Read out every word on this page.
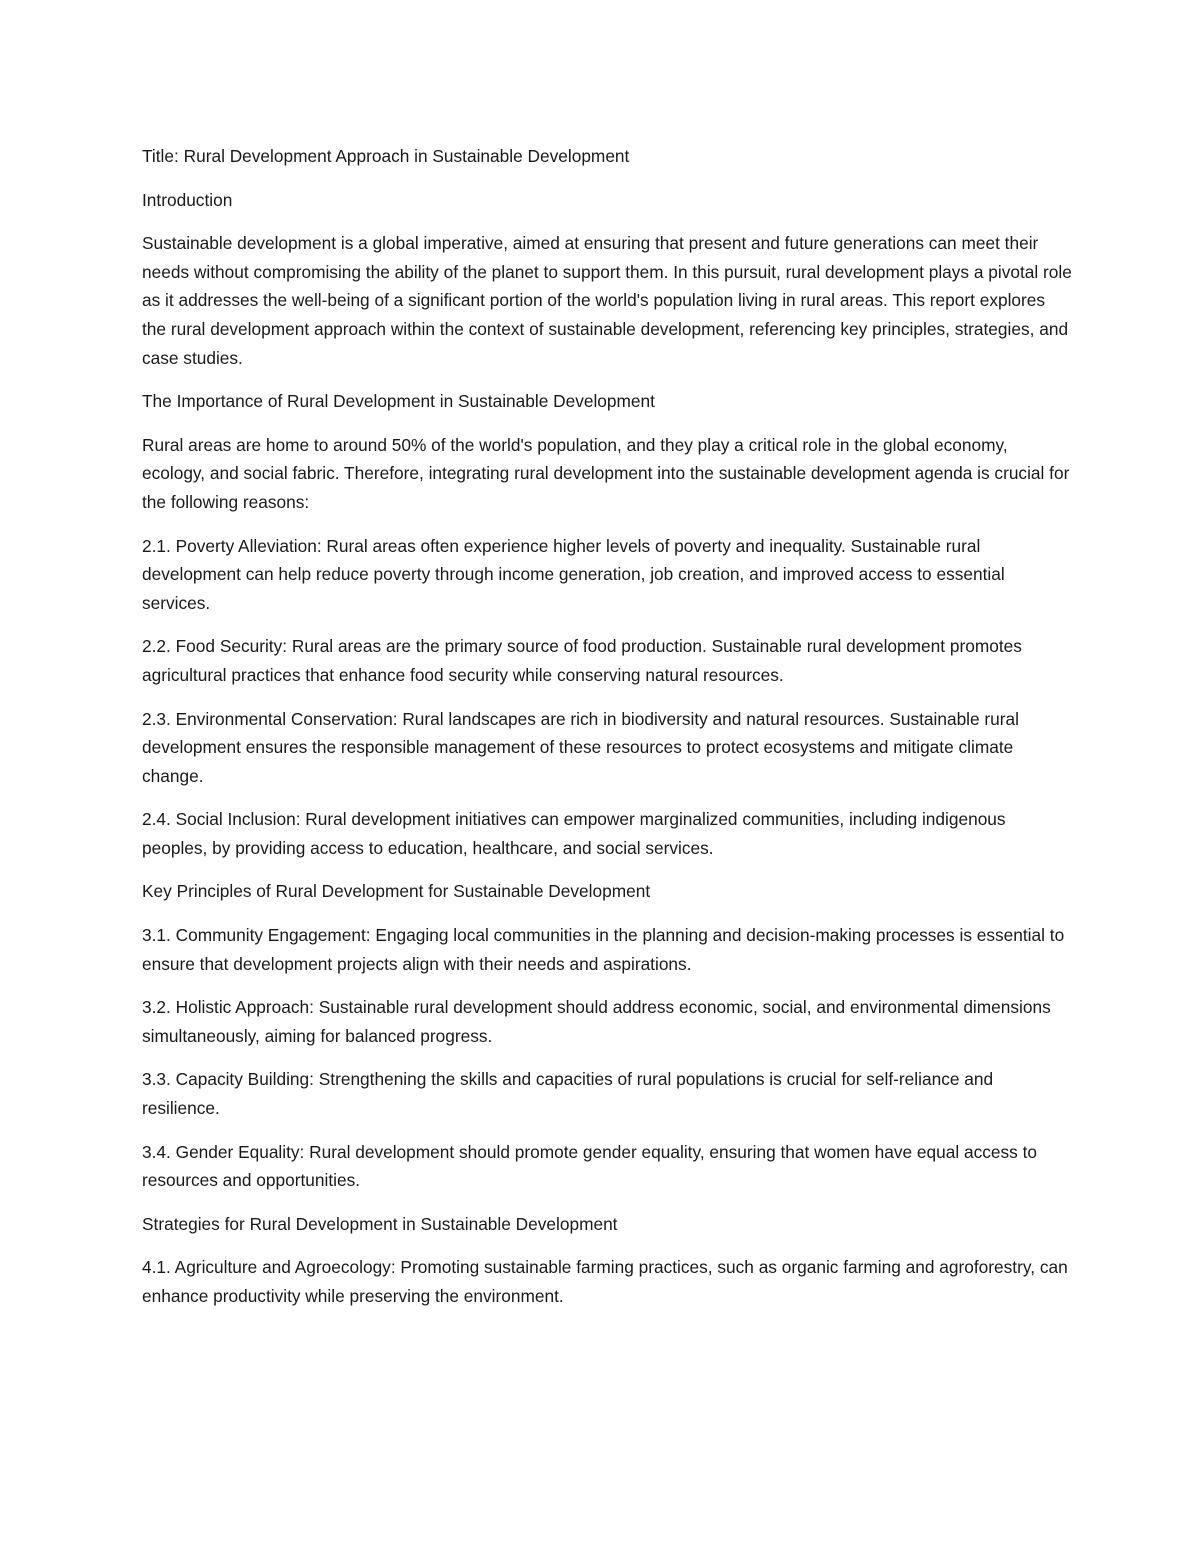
Title: Rural Development Approach in Sustainable Development

Introduction

Sustainable development is a global imperative, aimed at ensuring that present and future generations can meet their needs without compromising the ability of the planet to support them. In this pursuit, rural development plays a pivotal role as it addresses the well-being of a significant portion of the world's population living in rural areas. This report explores the rural development approach within the context of sustainable development, referencing key principles, strategies, and case studies.

The Importance of Rural Development in Sustainable Development

Rural areas are home to around 50% of the world's population, and they play a critical role in the global economy, ecology, and social fabric. Therefore, integrating rural development into the sustainable development agenda is crucial for the following reasons:

2.1. Poverty Alleviation: Rural areas often experience higher levels of poverty and inequality. Sustainable rural development can help reduce poverty through income generation, job creation, and improved access to essential services.

2.2. Food Security: Rural areas are the primary source of food production. Sustainable rural development promotes agricultural practices that enhance food security while conserving natural resources.

2.3. Environmental Conservation: Rural landscapes are rich in biodiversity and natural resources. Sustainable rural development ensures the responsible management of these resources to protect ecosystems and mitigate climate change.

2.4. Social Inclusion: Rural development initiatives can empower marginalized communities, including indigenous peoples, by providing access to education, healthcare, and social services.

Key Principles of Rural Development for Sustainable Development

3.1. Community Engagement: Engaging local communities in the planning and decision-making processes is essential to ensure that development projects align with their needs and aspirations.

3.2. Holistic Approach: Sustainable rural development should address economic, social, and environmental dimensions simultaneously, aiming for balanced progress.

3.3. Capacity Building: Strengthening the skills and capacities of rural populations is crucial for self-reliance and resilience.

3.4. Gender Equality: Rural development should promote gender equality, ensuring that women have equal access to resources and opportunities.

Strategies for Rural Development in Sustainable Development

4.1. Agriculture and Agroecology: Promoting sustainable farming practices, such as organic farming and agroforestry, can enhance productivity while preserving the environment.
